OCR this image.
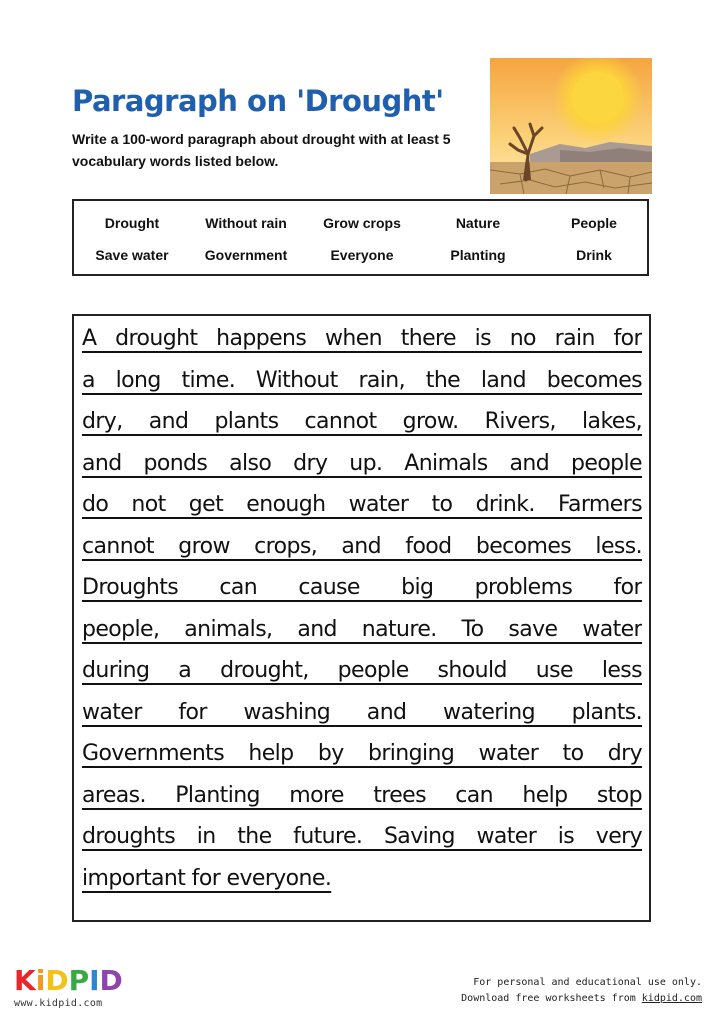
Paragraph on 'Drought'
Write a 100-word paragraph about drought with at least 5 vocabulary words listed below.
Drought	Without rain	Grow crops	Nature	People
Save water	Government	Everyone	Planting	Drink
A drought happens when there is no rain for
a long time. Without rain, the land becomes
dry, and plants cannot grow. Rivers, lakes,
and ponds also dry up. Animals and people
do not get enough water to drink. Farmers
cannot grow crops, and food becomes less.
Droughts can cause big problems for
people, animals, and nature. To save water
during a drought, people should use less
water for washing and watering plants.
Governments help by bringing water to dry
areas. Planting more trees can help stop
droughts in the future. Saving water is very
important for everyone.
K i D P I D
www.kidpid.com
For personal and educational use only.
Download free worksheets from kidpid.com
